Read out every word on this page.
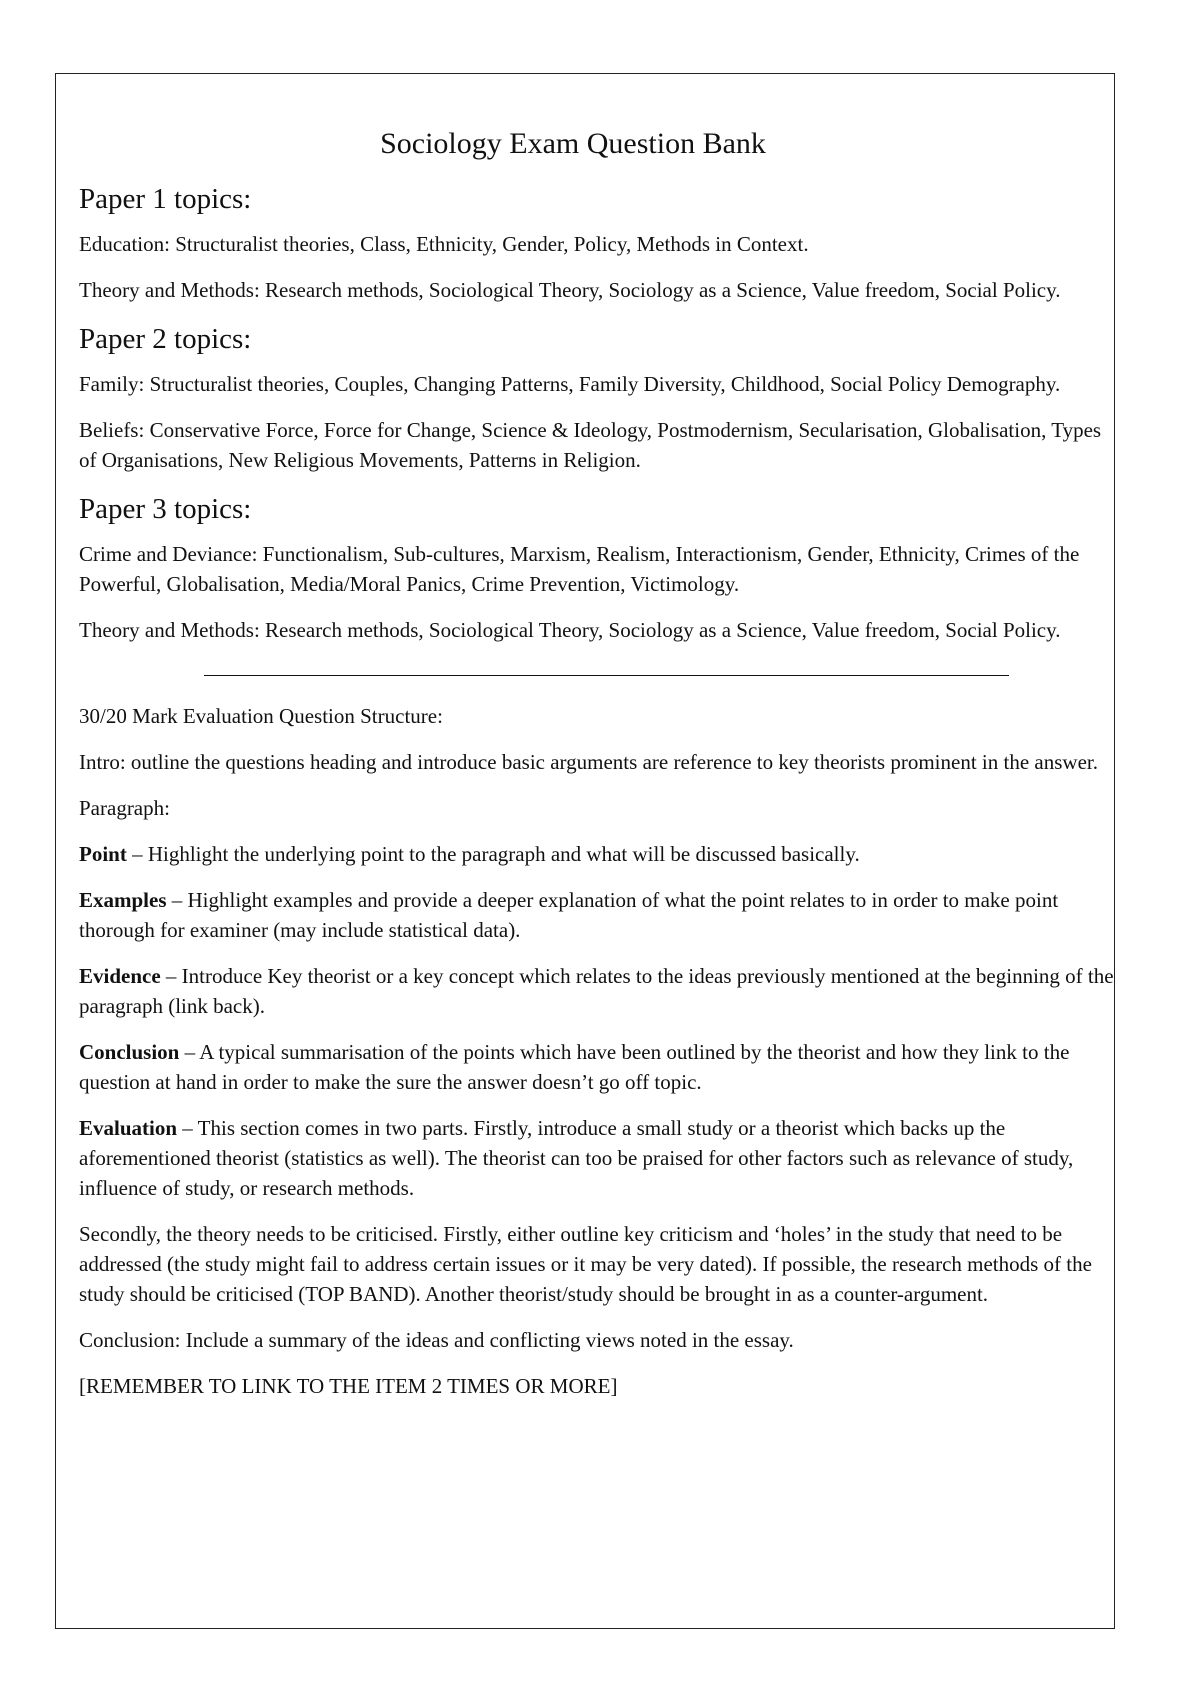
Sociology Exam Question Bank
Paper 1 topics:

Education: Structuralist theories, Class, Ethnicity, Gender, Policy, Methods in Context.

Theory and Methods: Research methods, Sociological Theory, Sociology as a Science, Value freedom, Social Policy.

Paper 2 topics:

Family: Structuralist theories, Couples, Changing Patterns, Family Diversity, Childhood, Social Policy Demography.

Beliefs: Conservative Force, Force for Change, Science & Ideology, Postmodernism, Secularisation, Globalisation, Types of Organisations, New Religious Movements, Patterns in Religion.

Paper 3 topics:

Crime and Deviance: Functionalism, Sub-cultures, Marxism, Realism, Interactionism, Gender, Ethnicity, Crimes of the Powerful, Globalisation, Media/Moral Panics, Crime Prevention, Victimology.

Theory and Methods: Research methods, Sociological Theory, Sociology as a Science, Value freedom, Social Policy.

30/20 Mark Evaluation Question Structure:

Intro: outline the questions heading and introduce basic arguments are reference to key theorists prominent in the answer.

Paragraph:

Point – Highlight the underlying point to the paragraph and what will be discussed basically.

Examples – Highlight examples and provide a deeper explanation of what the point relates to in order to make point thorough for examiner (may include statistical data).

Evidence – Introduce Key theorist or a key concept which relates to the ideas previously mentioned at the beginning of the paragraph (link back).

Conclusion – A typical summarisation of the points which have been outlined by the theorist and how they link to the question at hand in order to make the sure the answer doesn’t go off topic.

Evaluation – This section comes in two parts. Firstly, introduce a small study or a theorist which backs up the aforementioned theorist (statistics as well). The theorist can too be praised for other factors such as relevance of study, influence of study, or research methods.

Secondly, the theory needs to be criticised. Firstly, either outline key criticism and ‘holes’ in the study that need to be addressed (the study might fail to address certain issues or it may be very dated). If possible, the research methods of the study should be criticised (TOP BAND). Another theorist/study should be brought in as a counter-argument.

Conclusion: Include a summary of the ideas and conflicting views noted in the essay.

[REMEMBER TO LINK TO THE ITEM 2 TIMES OR MORE]
